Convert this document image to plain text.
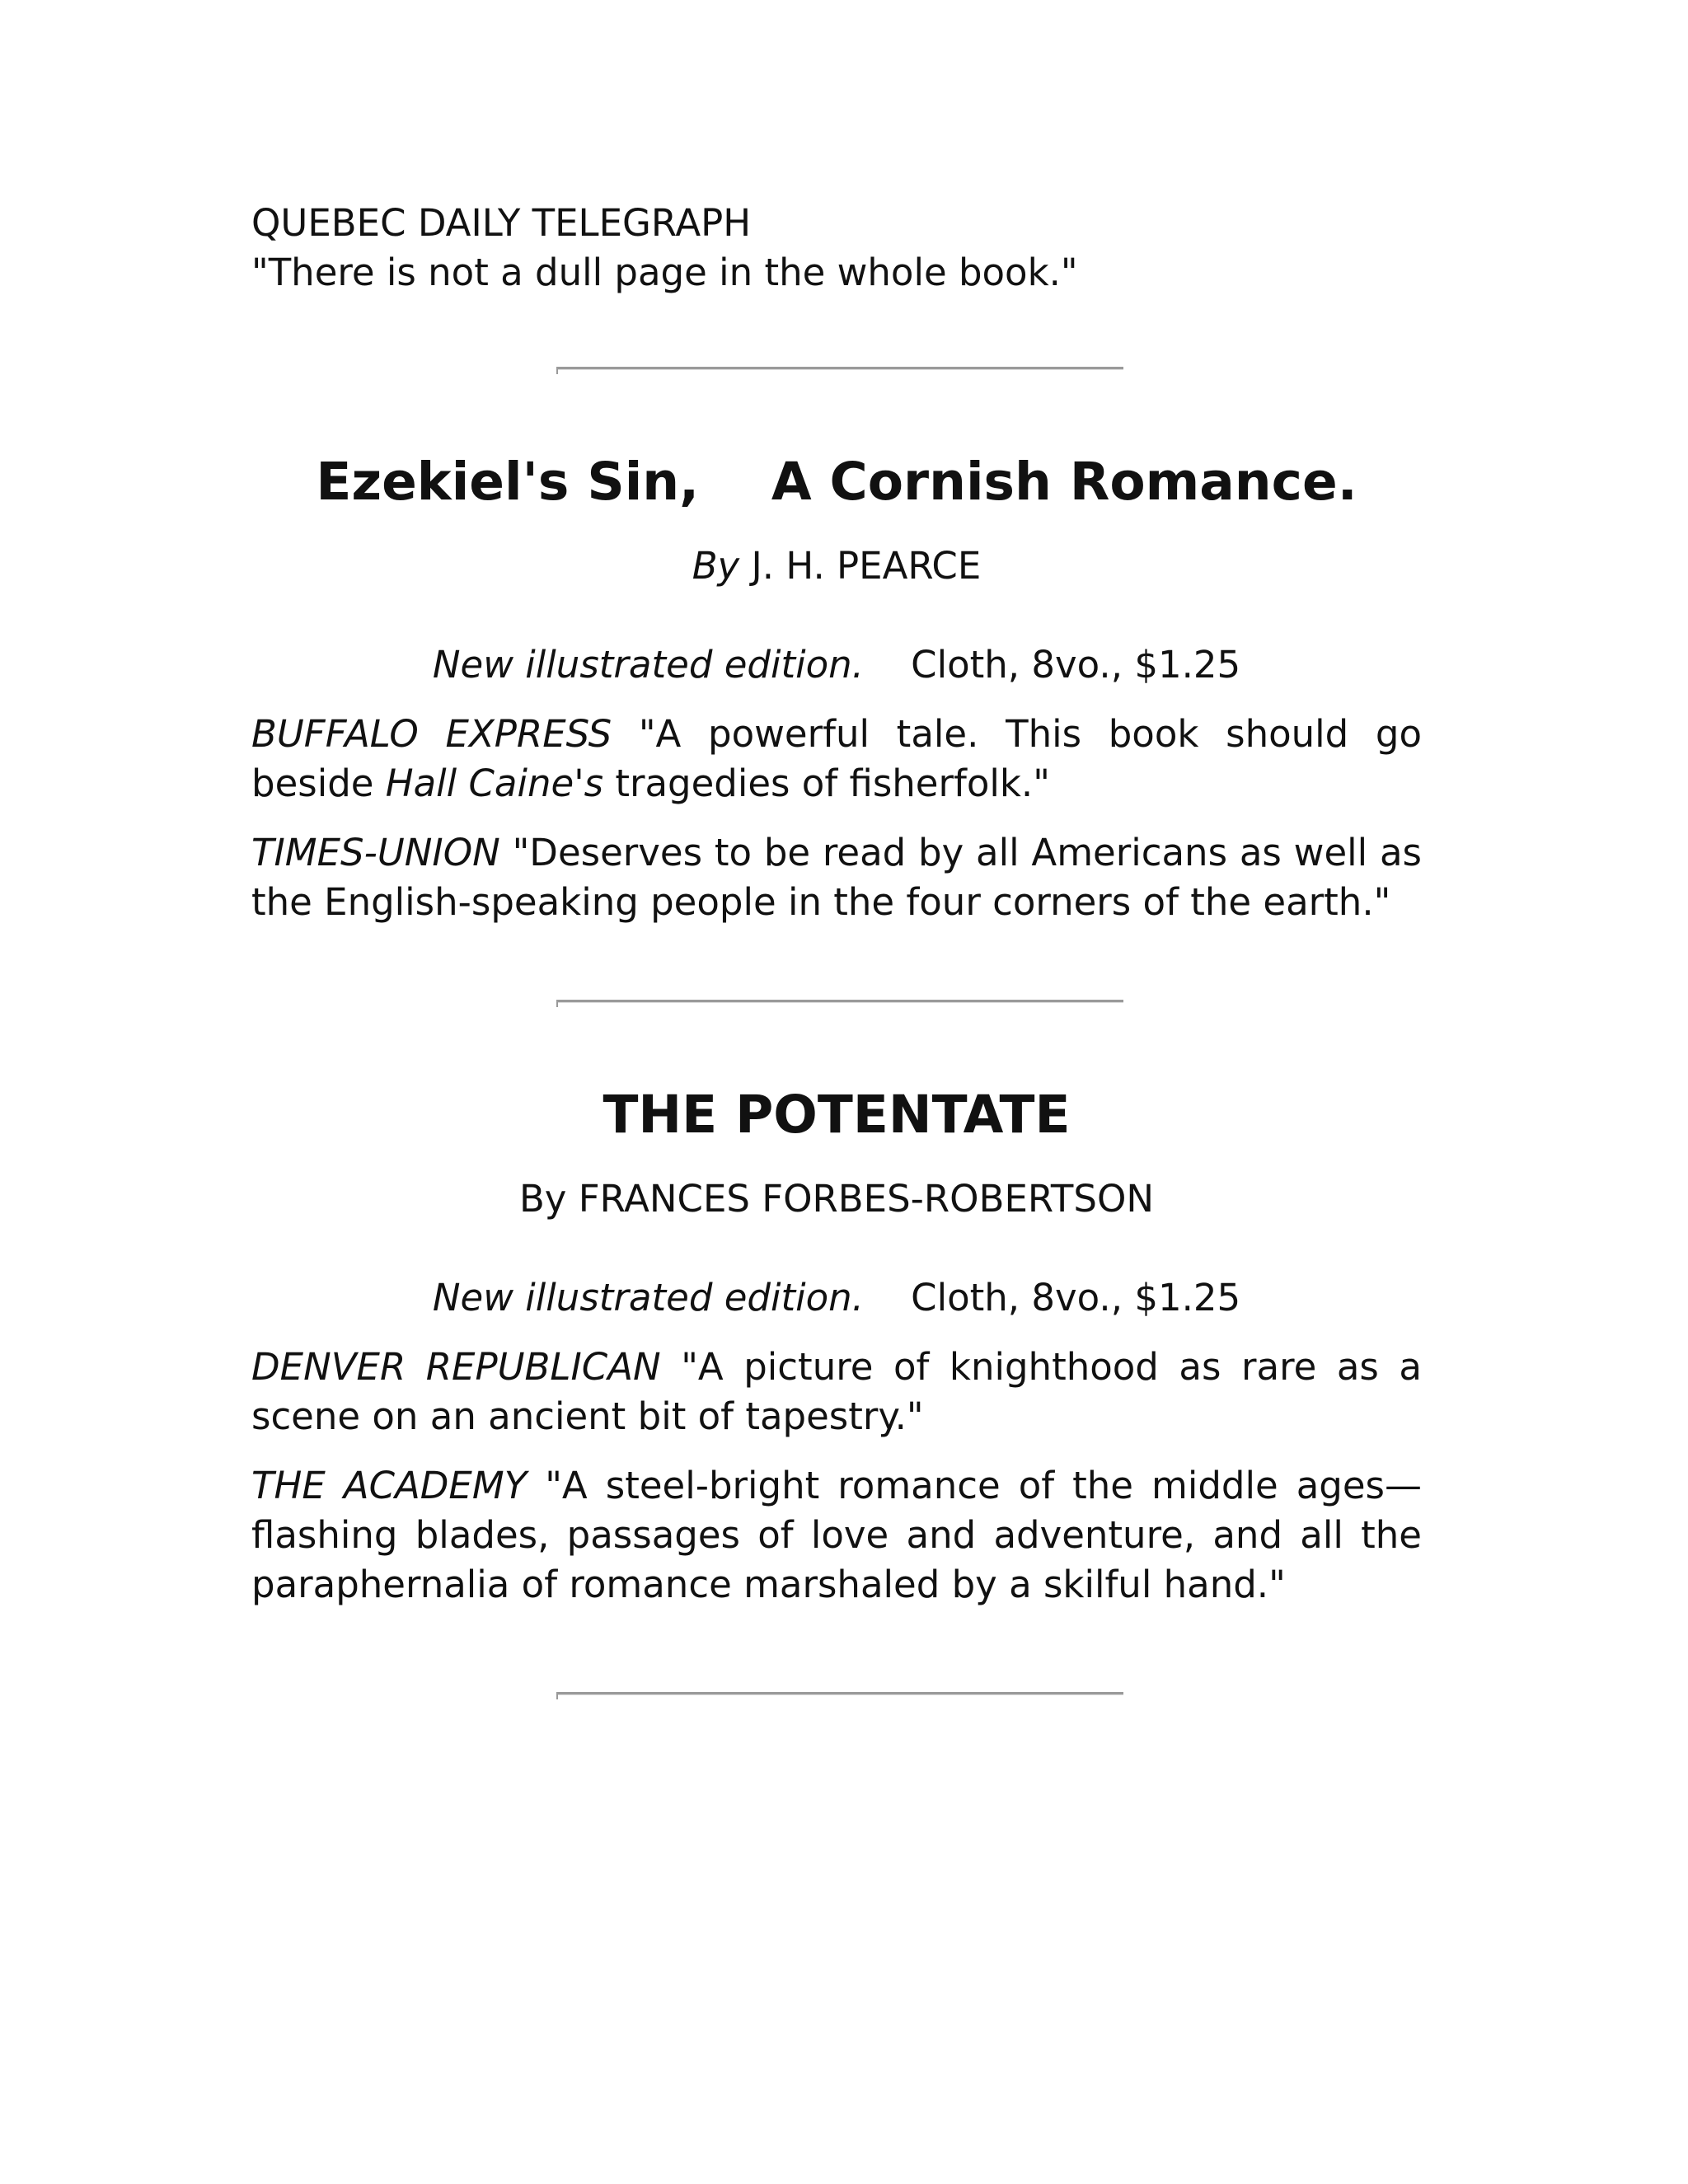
QUEBEC DAILY TELEGRAPH

"There is not a dull page in the whole book."

Ezekiel's Sin, A Cornish Romance.

By J. H. PEARCE

New illustrated edition. Cloth, 8vo., $1.25

BUFFALO EXPRESS "A powerful tale. This book should go beside Hall Caine's tragedies of fisherfolk."

TIMES-UNION "Deserves to be read by all Americans as well as the English-speaking people in the four corners of the earth."

THE POTENTATE

By FRANCES FORBES-ROBERTSON

New illustrated edition. Cloth, 8vo., $1.25

DENVER REPUBLICAN "A picture of knighthood as rare as a scene on an ancient bit of tapestry."

THE ACADEMY "A steel-bright romance of the middle ages—flashing blades, passages of love and adventure, and all the paraphernalia of romance marshaled by a skilful hand."
